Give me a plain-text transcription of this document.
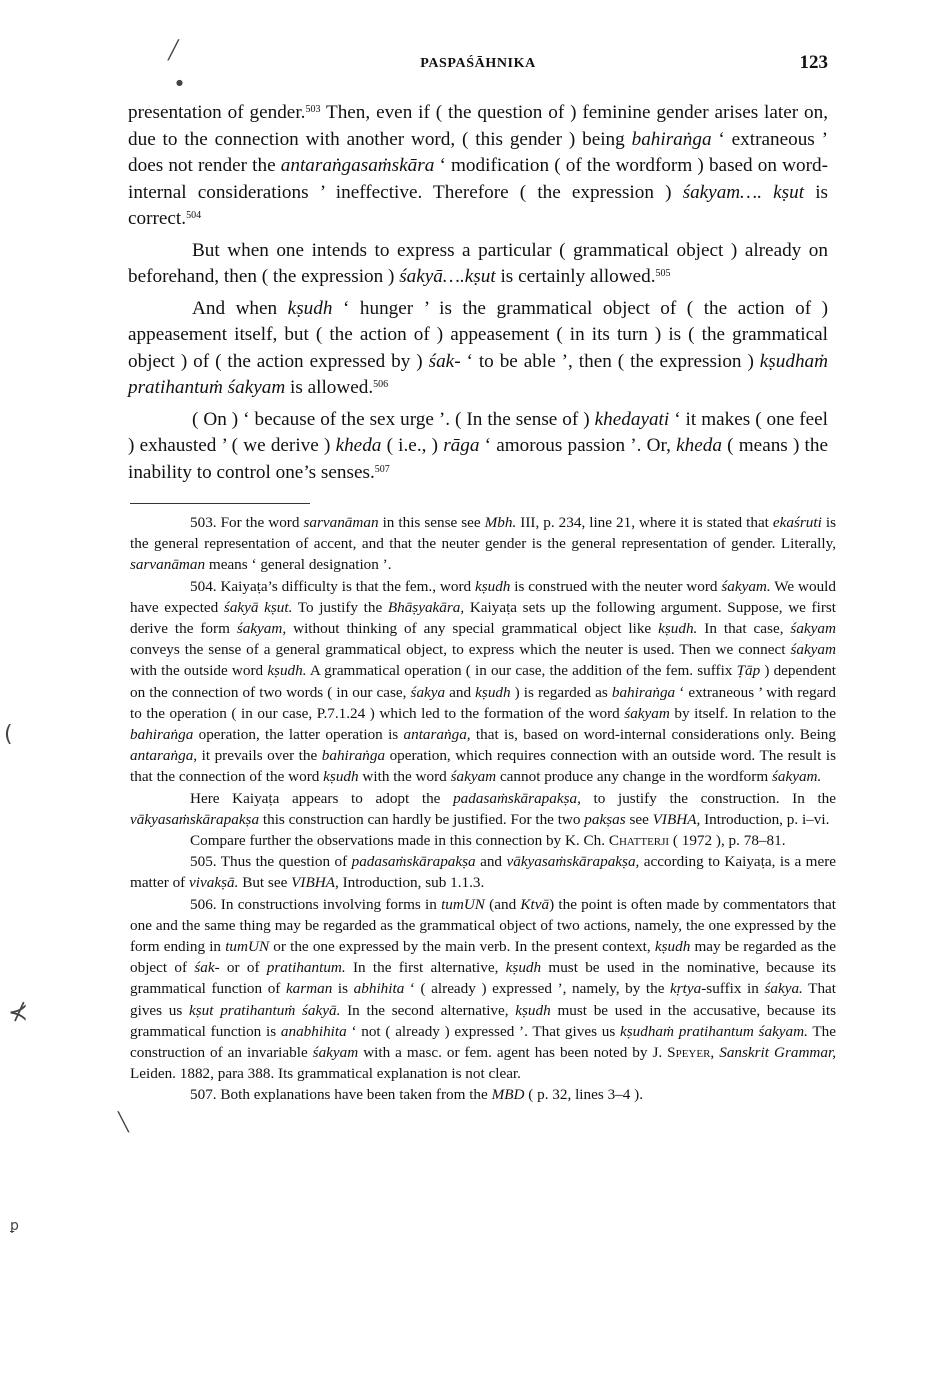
╱
●
(
⊀
ꝑ
╲
PASPAŚĀHNIKA	123

presentation of gender.$^{503}$ Then, even if ( the question of ) feminine gender arises later on, due to the connection with another word, ( this gender ) being bahiraṅga ‘ extraneous ’ does not render the antaraṅgasaṁskāra ‘ modification ( of the wordform ) based on word-internal considerations ’ ineffective. Therefore ( the expression ) śakyam…. kṣut is correct.$^{504}$

But when one intends to express a particular ( grammatical object ) already on beforehand, then ( the expression ) śakyā….kṣut is certainly allowed.$^{505}$

And when kṣudh ‘ hunger ’ is the grammatical object of ( the action of ) appeasement itself, but ( the action of ) appeasement ( in its turn ) is ( the grammatical object ) of ( the action expressed by ) śak- ‘ to be able ’, then ( the expression ) kṣudhaṁ pratihantuṁ śakyam is allowed.$^{506}$

( On ) ‘ because of the sex urge ’. ( In the sense of ) khedayati ‘ it makes ( one feel ) exhausted ’ ( we derive ) kheda ( i.e., ) rāga ‘ amorous passion ’. Or, kheda ( means ) the inability to control one’s senses.$^{507}$

503. For the word sarvanāman in this sense see Mbh. III, p. 234, line 21, where it is stated that ekaśruti is the general representation of accent, and that the neuter gender is the general representation of gender. Literally, sarvanāman means ‘ general designation ’.

504. Kaiyaṭa’s difficulty is that the fem., word kṣudh is construed with the neuter word śakyam. We would have expected śakyā kṣut. To justify the Bhāṣyakāra, Kaiyaṭa sets up the following argument. Suppose, we first derive the form śakyam, without thinking of any special grammatical object like kṣudh. In that case, śakyam conveys the sense of a general grammatical object, to express which the neuter is used. Then we connect śakyam with the outside word kṣudh. A grammatical operation ( in our case, the addition of the fem. suffix Ṭāp ) dependent on the connection of two words ( in our case, śakya and kṣudh ) is regarded as bahiraṅga ‘ extraneous ’ with regard to the operation ( in our case, P.7.1.24 ) which led to the formation of the word śakyam by itself. In relation to the bahiraṅga operation, the latter operation is antaraṅga, that is, based on word-internal considerations only. Being antaraṅga, it prevails over the bahiraṅga operation, which requires connection with an outside word. The result is that the connection of the word kṣudh with the word śakyam cannot produce any change in the wordform śakyam.

Here Kaiyaṭa appears to adopt the padasaṁskārapakṣa, to justify the construction. In the vākyasaṁskārapakṣa this construction can hardly be justified. For the two pakṣas see VIBHA, Introduction, p. i–vi.

Compare further the observations made in this connection by K. Ch. Chatterji ( 1972 ), p. 78–81.

505. Thus the question of padasaṁskārapakṣa and vākyasaṁskārapakṣa, according to Kaiyaṭa, is a mere matter of vivakṣā. But see VIBHA, Introduction, sub 1.1.3.

506. In constructions involving forms in tumUN (and Ktvā) the point is often made by commentators that one and the same thing may be regarded as the grammatical object of two actions, namely, the one expressed by the form ending in tumUN or the one expressed by the main verb. In the present context, kṣudh may be regarded as the object of śak- or of pratihantum. In the first alternative, kṣudh must be used in the nominative, because its grammatical function of karman is abhihita ‘ ( already ) expressed ’, namely, by the kṛtya-suffix in śakya. That gives us kṣut pratihantuṁ śakyā. In the second alternative, kṣudh must be used in the accusative, because its grammatical function is anabhihita ‘ not ( already ) expressed ’. That gives us kṣudhaṁ pratihantum śakyam. The construction of an invariable śakyam with a masc. or fem. agent has been noted by J. Speyer, Sanskrit Grammar, Leiden. 1882, para 388. Its grammatical explanation is not clear.

507. Both explanations have been taken from the MBD ( p. 32, lines 3–4 ).
